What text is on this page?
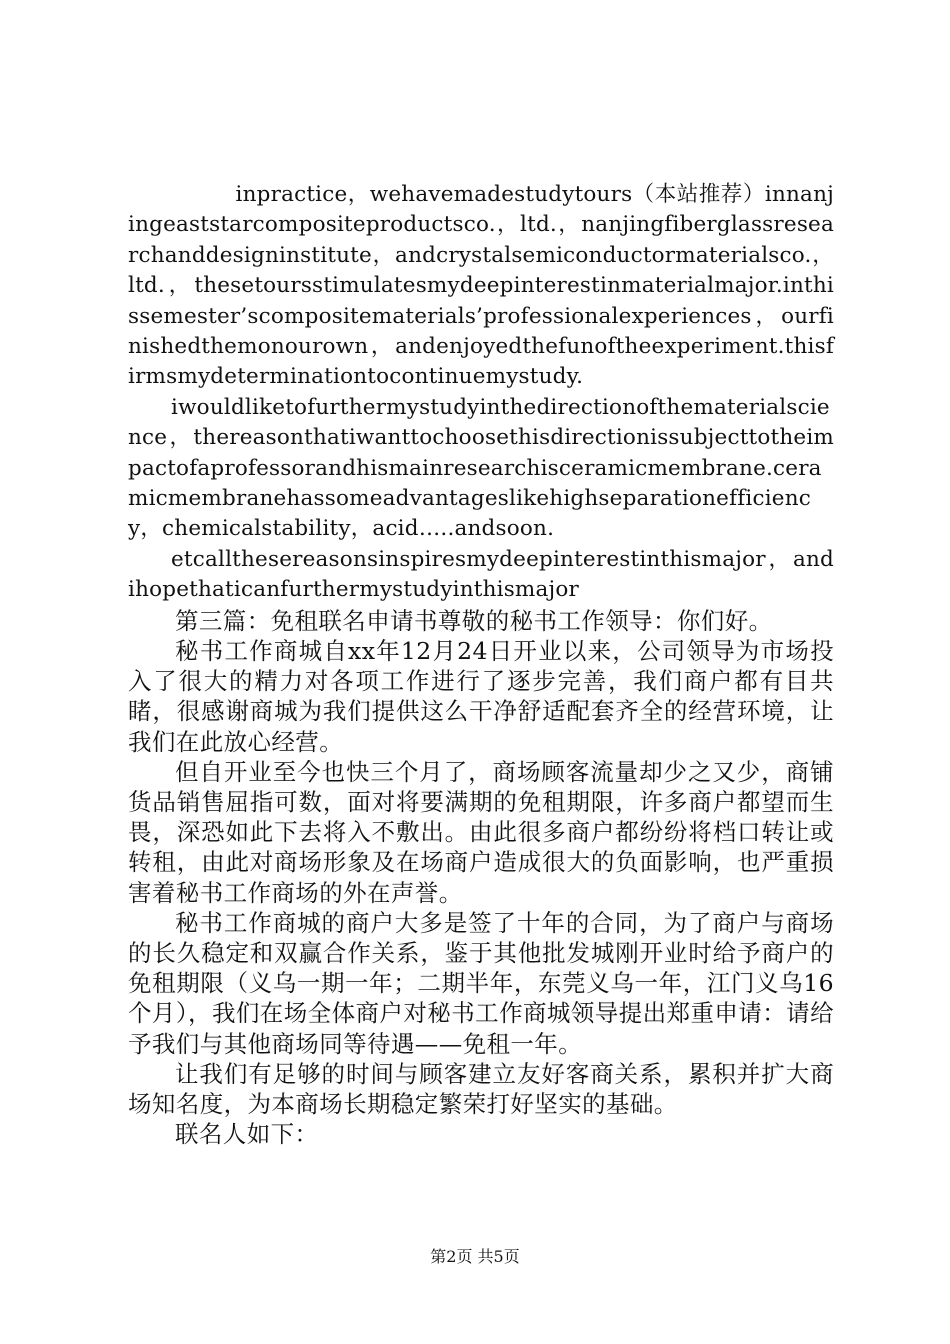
inpractice，wehavemadestudytours（本站推荐）innanjingeaststarcompositeproductsco.，ltd.，nanjingfiberglassresearchanddesigninstitute，andcrystalsemiconductormaterialsco.，ltd.，thesetoursstimulatesmydeepinterestinmaterialmajor.inthissemester’scompositematerials’professionalexperiences，ourfinishedthemonourown，andenjoyedthefunoftheexperiment.thisfirmsmydeterminationtocontinuemystudy.

iwouldliketofurthermystudyinthedirectionofthematerialscience，thereasonthatiwanttochoosethisdirectionissubjecttotheimpactofaprofessorandhismainresearchisceramicmembrane.ceramicmembranehassomeadvantageslikehighseparationefficiency，chemicalstability，acid…..andsoon.

etcallthesereasonsinspiresmydeepinterestinthismajor，andihopethaticanfurthermystudyinthismajor

第三篇：免租联名申请书尊敬的秘书工作领导：你们好。

秘书工作商城自xx年12月24日开业以来，公司领导为市场投入了很大的精力对各项工作进行了逐步完善，我们商户都有目共睹，很感谢商城为我们提供这么干净舒适配套齐全的经营环境，让我们在此放心经营。

但自开业至今也快三个月了，商场顾客流量却少之又少，商铺货品销售屈指可数，面对将要满期的免租期限，许多商户都望而生畏，深恐如此下去将入不敷出。由此很多商户都纷纷将档口转让或转租，由此对商场形象及在场商户造成很大的负面影响，也严重损害着秘书工作商场的外在声誉。

秘书工作商城的商户大多是签了十年的合同，为了商户与商场的长久稳定和双赢合作关系，鉴于其他批发城刚开业时给予商户的免租期限（义乌一期一年；二期半年，东莞义乌一年，江门义乌16个月），我们在场全体商户对秘书工作商城领导提出郑重申请：请给予我们与其他商场同等待遇——免租一年。

让我们有足够的时间与顾客建立友好客商关系，累积并扩大商场知名度，为本商场长期稳定繁荣打好坚实的基础。

联名人如下：

第2页 共5页
